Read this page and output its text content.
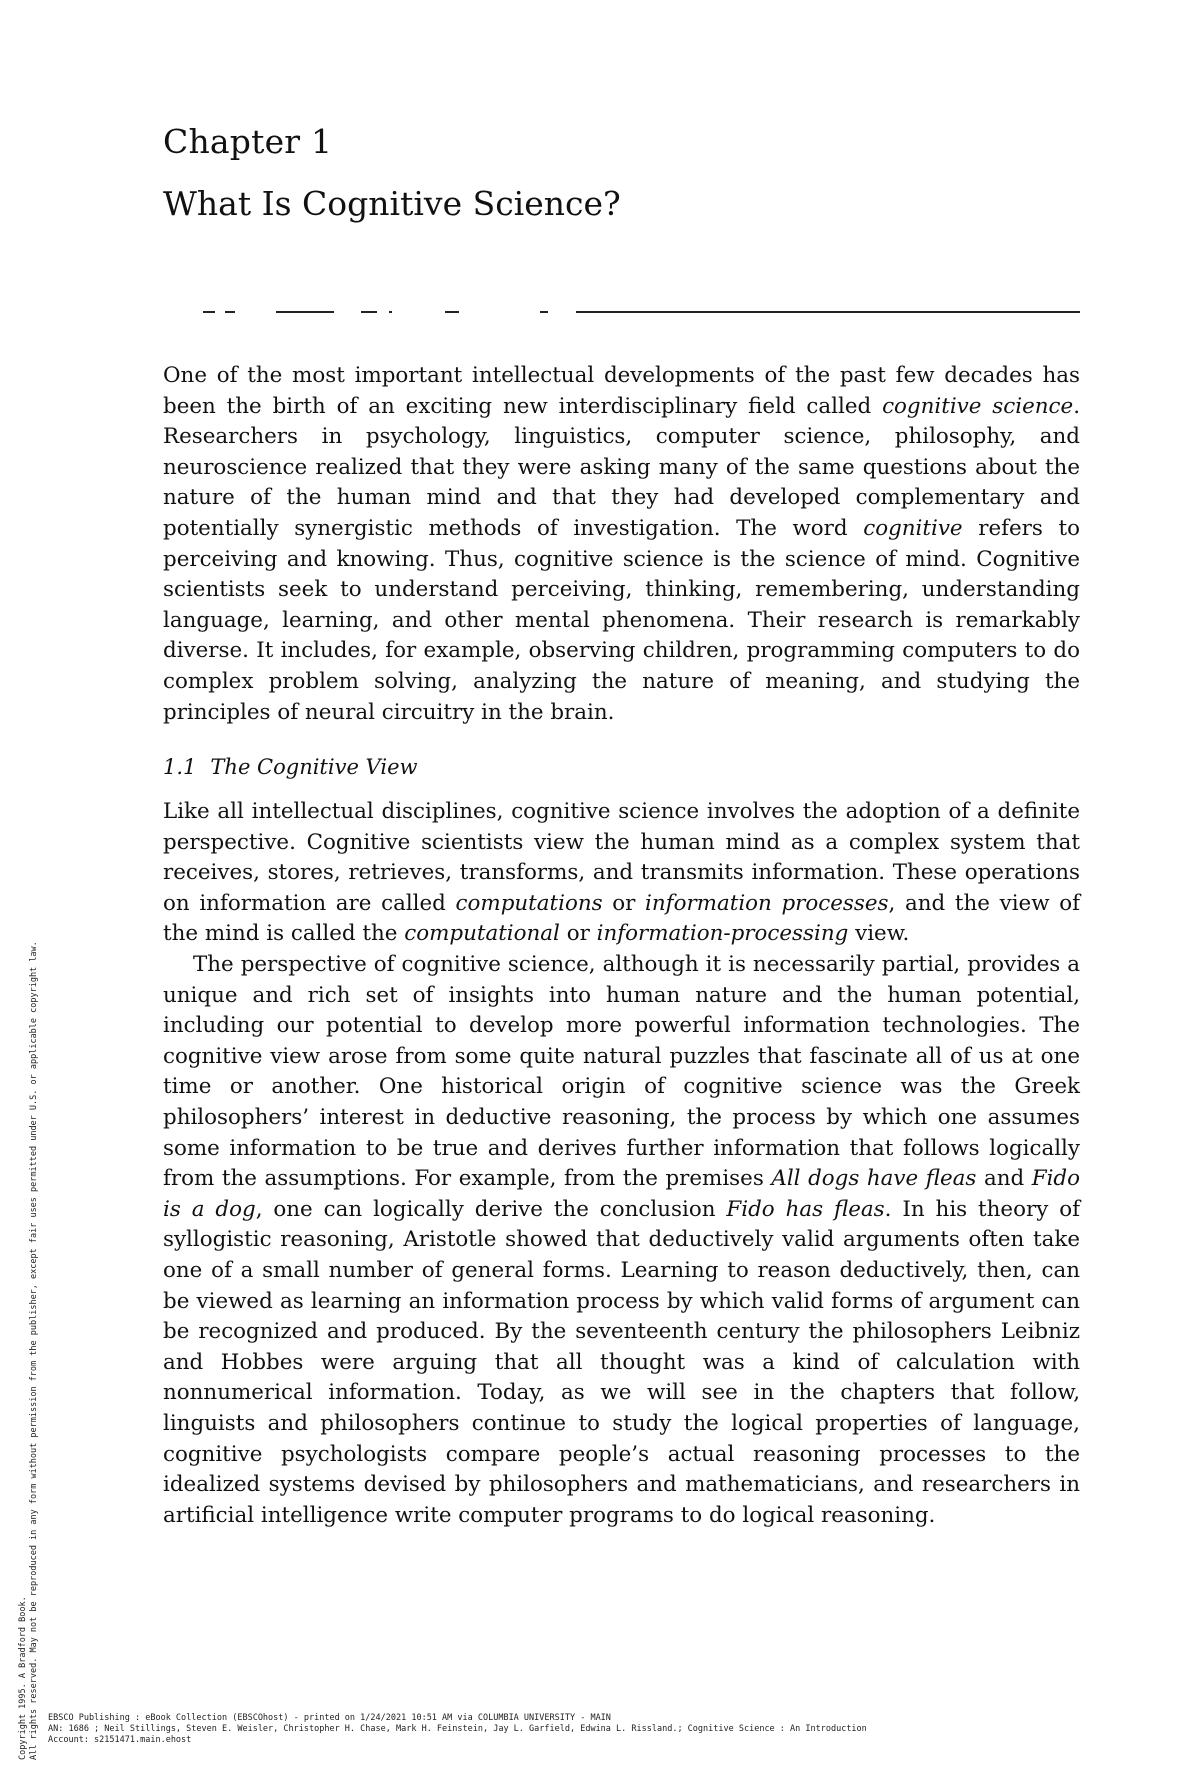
Chapter 1
What Is Cognitive Science?

One of the most important intellectual developments of the past few decades has been the birth of an exciting new interdisciplinary field called cognitive science. Researchers in psychology, linguistics, computer science, philosophy, and neuroscience realized that they were asking many of the same questions about the nature of the human mind and that they had developed complementary and potentially synergistic methods of investigation. The word cognitive refers to perceiving and knowing. Thus, cognitive science is the science of mind. Cognitive scientists seek to understand perceiving, thinking, remembering, understanding language, learning, and other mental phenomena. Their research is remarkably diverse. It includes, for example, observing children, programming computers to do complex problem solving, analyzing the nature of meaning, and studying the principles of neural circuitry in the brain.

1.1 The Cognitive View

Like all intellectual disciplines, cognitive science involves the adoption of a definite perspective. Cognitive scientists view the human mind as a complex system that receives, stores, retrieves, transforms, and transmits information. These operations on information are called computations or information processes, and the view of the mind is called the computational or information-processing view.

The perspective of cognitive science, although it is necessarily partial, provides a unique and rich set of insights into human nature and the human potential, including our potential to develop more powerful information technologies. The cognitive view arose from some quite natural puzzles that fascinate all of us at one time or another. One historical origin of cognitive science was the Greek philosophers’ interest in deductive reasoning, the process by which one assumes some information to be true and derives further information that follows logically from the assumptions. For example, from the premises All dogs have fleas and Fido is a dog, one can logically derive the conclusion Fido has fleas. In his theory of syllogistic reasoning, Aristotle showed that deductively valid arguments often take one of a small number of general forms. Learning to reason deductively, then, can be viewed as learning an information process by which valid forms of argument can be recognized and produced. By the seventeenth century the philosophers Leibniz and Hobbes were arguing that all thought was a kind of calculation with nonnumerical information. Today, as we will see in the chapters that follow, linguists and philosophers continue to study the logical properties of language, cognitive psychologists compare people’s actual reasoning processes to the idealized systems devised by philosophers and mathematicians, and researchers in artificial intelligence write computer programs to do logical reasoning.

Copyright 1995. A Bradford Book. All rights reserved. May not be reproduced in any form without permission from the publisher, except fair uses permitted under U.S. or applicable copyright law. EBSCO Publishing : eBook Collection (EBSCOhost) - printed on 1/24/2021 10:51 AM via COLUMBIA UNIVERSITY - MAIN
AN: 1686 ; Neil Stillings, Steven E. Weisler, Christopher H. Chase, Mark H. Feinstein, Jay L. Garfield, Edwina L. Rissland.; Cognitive Science : An Introduction
Account: s2151471.main.ehost
